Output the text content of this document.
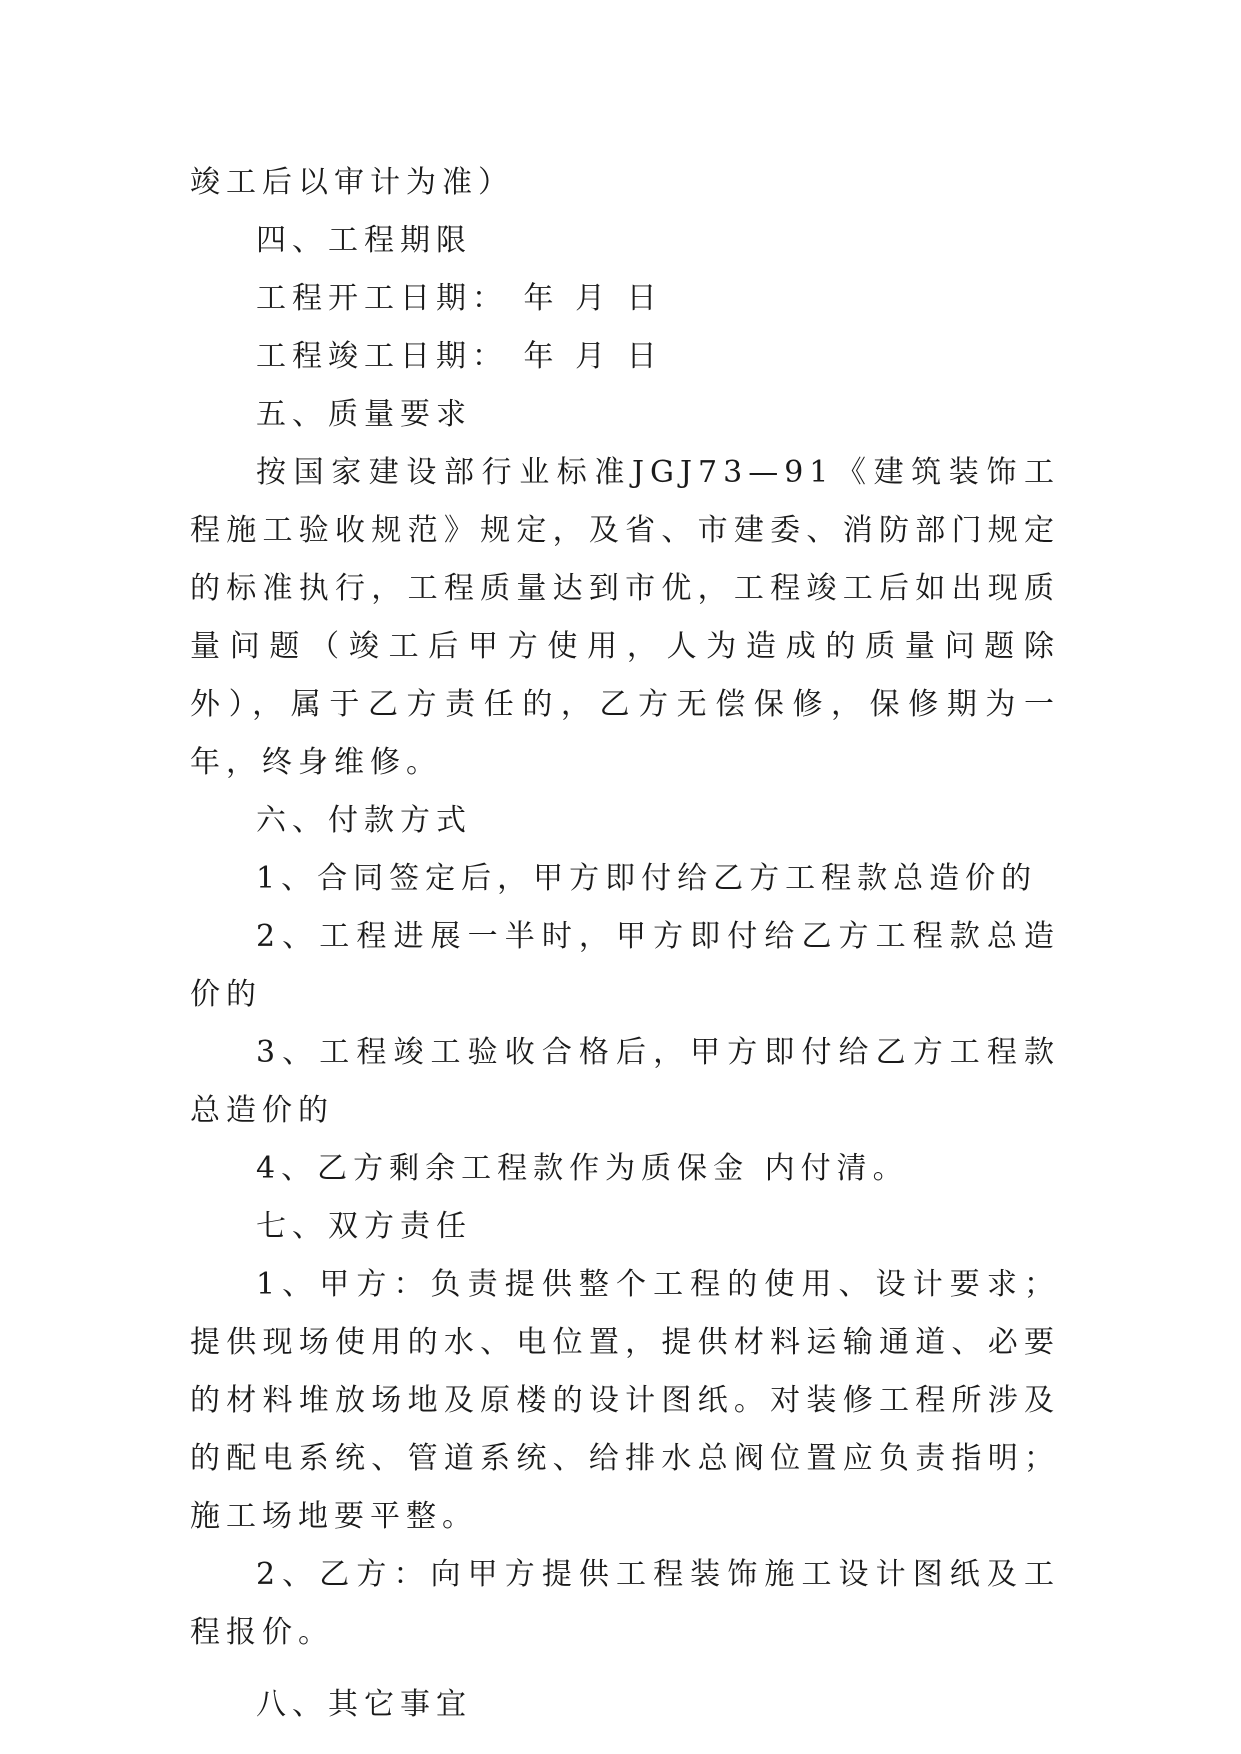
竣工后以审计为准）

四、工程期限

工程开工日期： 年 月 日

工程竣工日期： 年 月 日

五、质量要求

按国家建设部行业标准JGJ73—91《建筑装饰工程施工验收规范》规定，及省、市建委、消防部门规定的标准执行，工程质量达到市优，工程竣工后如出现质量问题（竣工后甲方使用，人为造成的质量问题除外），属于乙方责任的，乙方无偿保修，保修期为一年，终身维修。

六、付款方式

1、合同签定后，甲方即付给乙方工程款总造价的

2、工程进展一半时，甲方即付给乙方工程款总造价的

3、工程竣工验收合格后，甲方即付给乙方工程款总造价的

4、乙方剩余工程款作为质保金 内付清。

七、双方责任

1、甲方：负责提供整个工程的使用、设计要求；提供现场使用的水、电位置，提供材料运输通道、必要的材料堆放场地及原楼的设计图纸。对装修工程所涉及的配电系统、管道系统、给排水总阀位置应负责指明；施工场地要平整。

2、乙方：向甲方提供工程装饰施工设计图纸及工程报价。

八、其它事宜
